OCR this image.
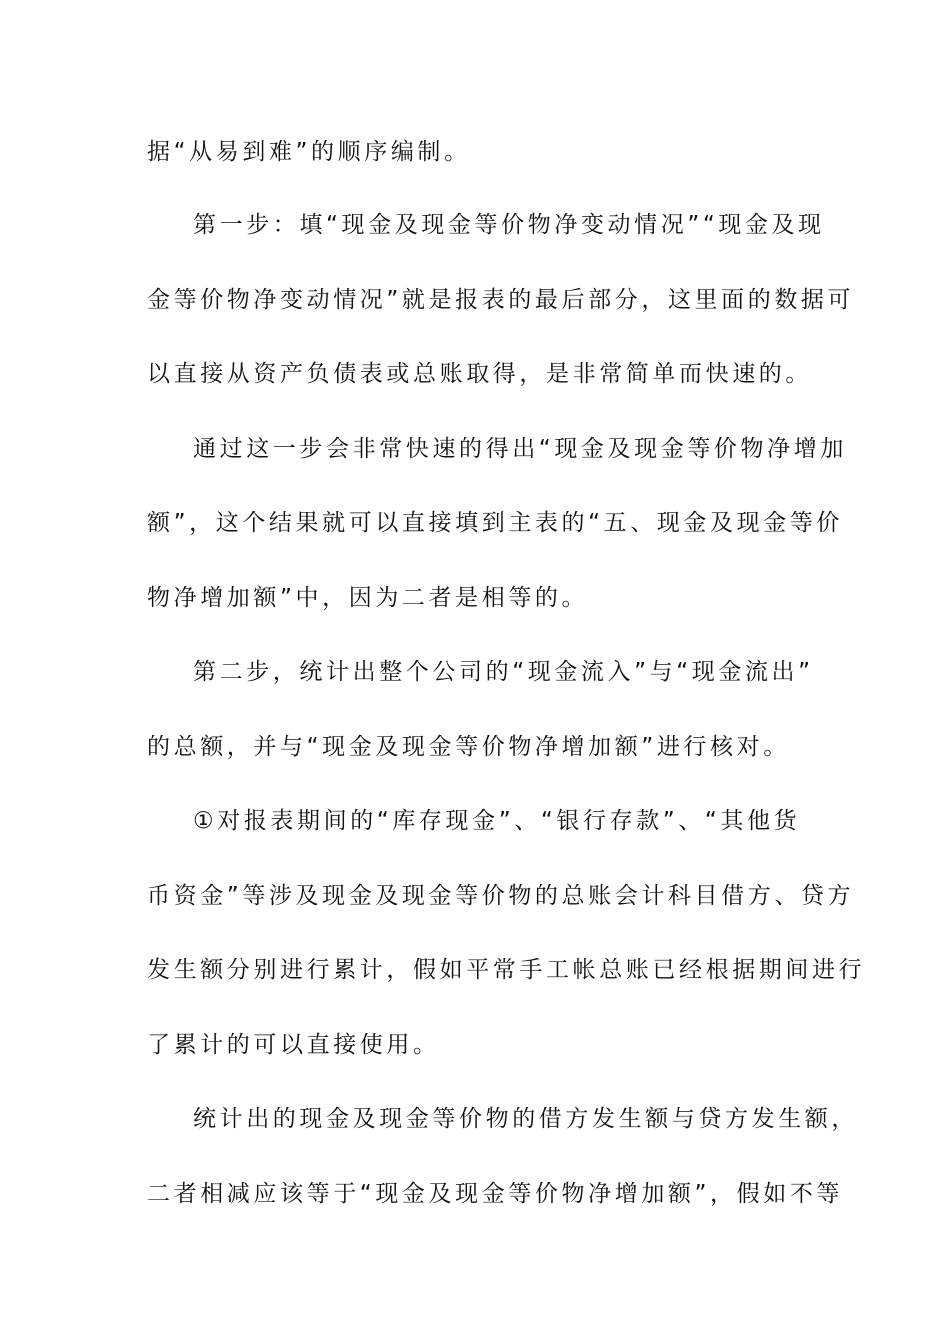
据“从易到难”的顺序编制。
第一步：填“现金及现金等价物净变动情况”“现金及现
金等价物净变动情况”就是报表的最后部分，这里面的数据可
以直接从资产负债表或总账取得，是非常简单而快速的。
通过这一步会非常快速的得出“现金及现金等价物净增加
额”，这个结果就可以直接填到主表的“五、现金及现金等价
物净增加额”中，因为二者是相等的。
第二步，统计出整个公司的“现金流入”与“现金流出”
的总额，并与“现金及现金等价物净增加额”进行核对。
①对报表期间的“库存现金”、“银行存款”、“其他货
币资金”等涉及现金及现金等价物的总账会计科目借方、贷方
发生额分别进行累计，假如平常手工帐总账已经根据期间进行
了累计的可以直接使用。
统计出的现金及现金等价物的借方发生额与贷方发生额，
二者相减应该等于“现金及现金等价物净增加额”，假如不等
